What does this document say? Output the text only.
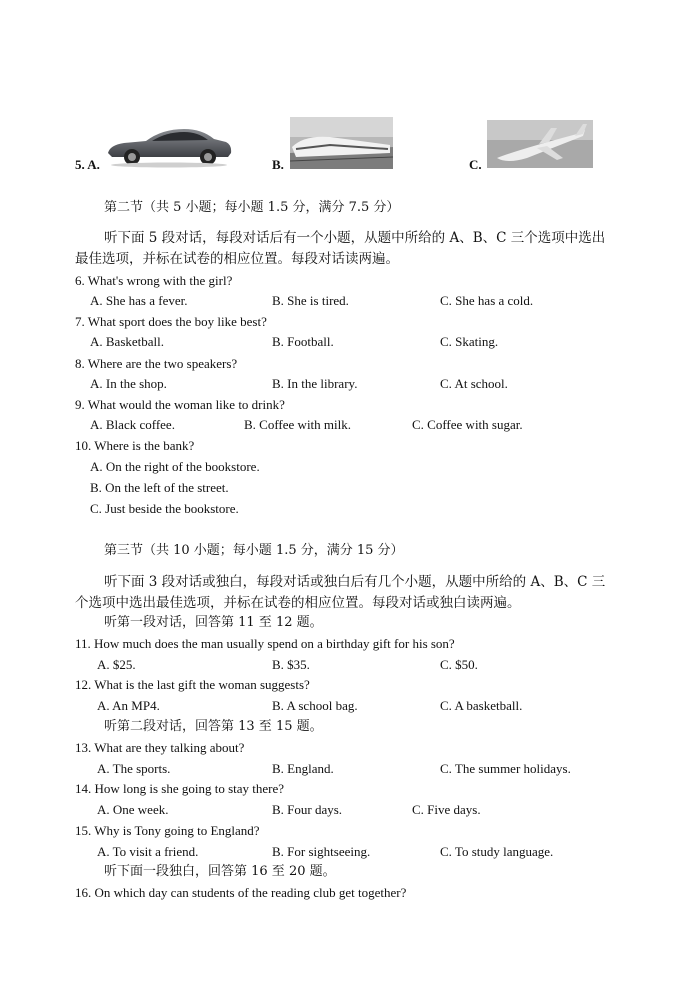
5. A.	B.	C.
第二节（共 5 小题；每小题 1.5 分，满分 7.5 分）
听下面 5 段对话，每段对话后有一个小题，从题中所给的 A、B、C 三个选项中选出
最佳选项，并标在试卷的相应位置。每段对话读两遍。
6. What's wrong with the girl?
A. She has a fever.	B. She is tired.	C. She has a cold.
7. What sport does the boy like best?
A. Basketball.	B. Football.	C. Skating.
8. Where are the two speakers?
A. In the shop.	B. In the library.	C. At school.
9. What would the woman like to drink?
A. Black coffee.	B. Coffee with milk.	C. Coffee with sugar.
10. Where is the bank?
A. On the right of the bookstore.
B. On the left of the street.
C. Just beside the bookstore.
第三节（共 10 小题；每小题 1.5 分，满分 15 分）
听下面 3 段对话或独白，每段对话或独白后有几个小题，从题中所给的 A、B、C 三
个选项中选出最佳选项，并标在试卷的相应位置。每段对话或独白读两遍。
听第一段对话，回答第 11 至 12 题。
11. How much does the man usually spend on a birthday gift for his son?
A. $25.	B. $35.	C. $50.
12. What is the last gift the woman suggests?
A. An MP4.	B. A school bag.	C. A basketball.
听第二段对话，回答第 13 至 15 题。
13. What are they talking about?
A. The sports.	B. England.	C. The summer holidays.
14. How long is she going to stay there?
A. One week.	B. Four days.	C. Five days.
15. Why is Tony going to England?
A. To visit a friend.	B. For sightseeing.	C. To study language.
听下面一段独白，回答第 16 至 20 题。
16. On which day can students of the reading club get together?
